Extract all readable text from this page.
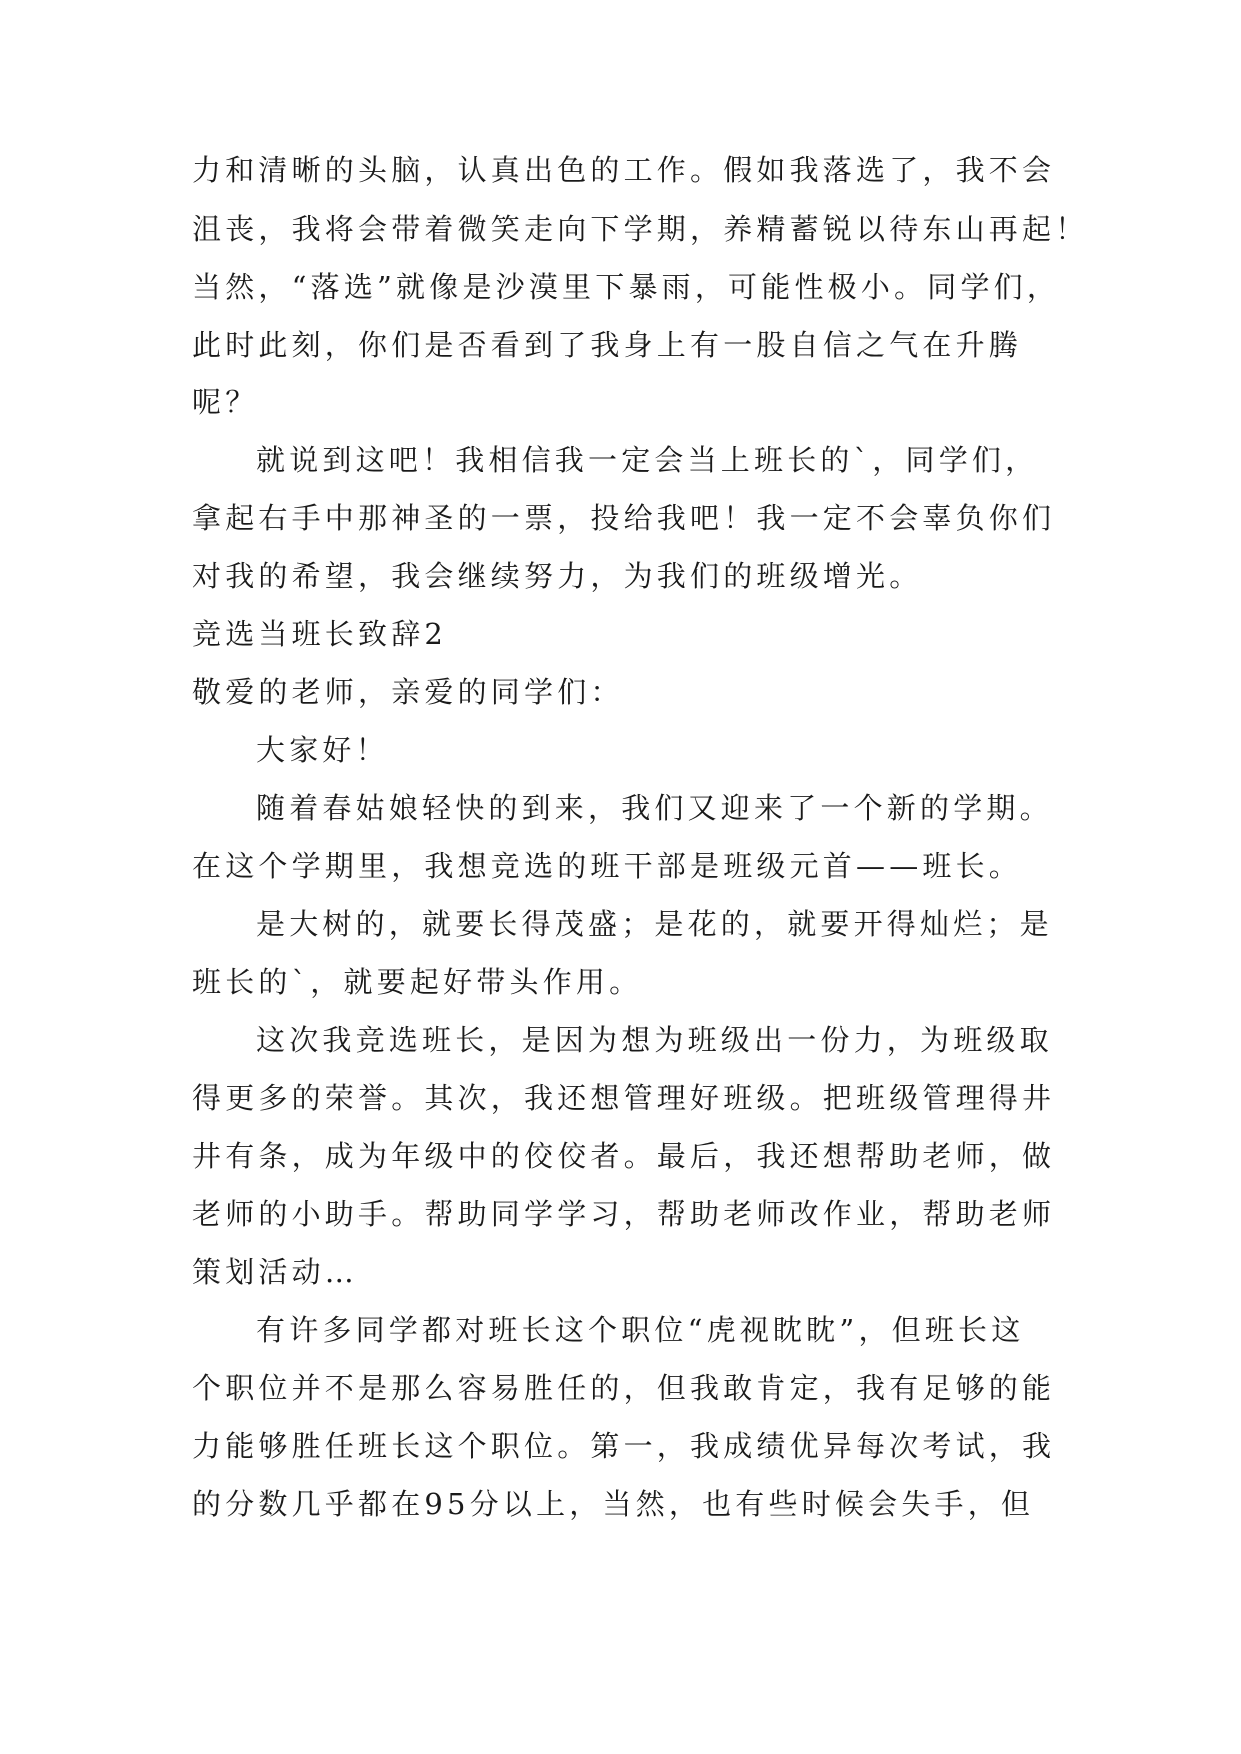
力和清晰的头脑，认真出色的工作。假如我落选了，我不会
沮丧，我将会带着微笑走向下学期，养精蓄锐以待东山再起！
当然，“落选”就像是沙漠里下暴雨，可能性极小。同学们，
此时此刻，你们是否看到了我身上有一股自信之气在升腾
呢？
就说到这吧！我相信我一定会当上班长的`，同学们，
拿起右手中那神圣的一票，投给我吧！我一定不会辜负你们
对我的希望，我会继续努力，为我们的班级增光。
竞选当班长致辞2
敬爱的老师，亲爱的同学们：
大家好！
随着春姑娘轻快的到来，我们又迎来了一个新的学期。
在这个学期里，我想竞选的班干部是班级元首——班长。
是大树的，就要长得茂盛；是花的，就要开得灿烂；是
班长的`，就要起好带头作用。
这次我竞选班长，是因为想为班级出一份力，为班级取
得更多的荣誉。其次，我还想管理好班级。把班级管理得井
井有条，成为年级中的佼佼者。最后，我还想帮助老师，做
老师的小助手。帮助同学学习，帮助老师改作业，帮助老师
策划活动…
有许多同学都对班长这个职位“虎视眈眈”，但班长这
个职位并不是那么容易胜任的，但我敢肯定，我有足够的能
力能够胜任班长这个职位。第一，我成绩优异每次考试，我
的分数几乎都在95分以上，当然，也有些时候会失手，但
